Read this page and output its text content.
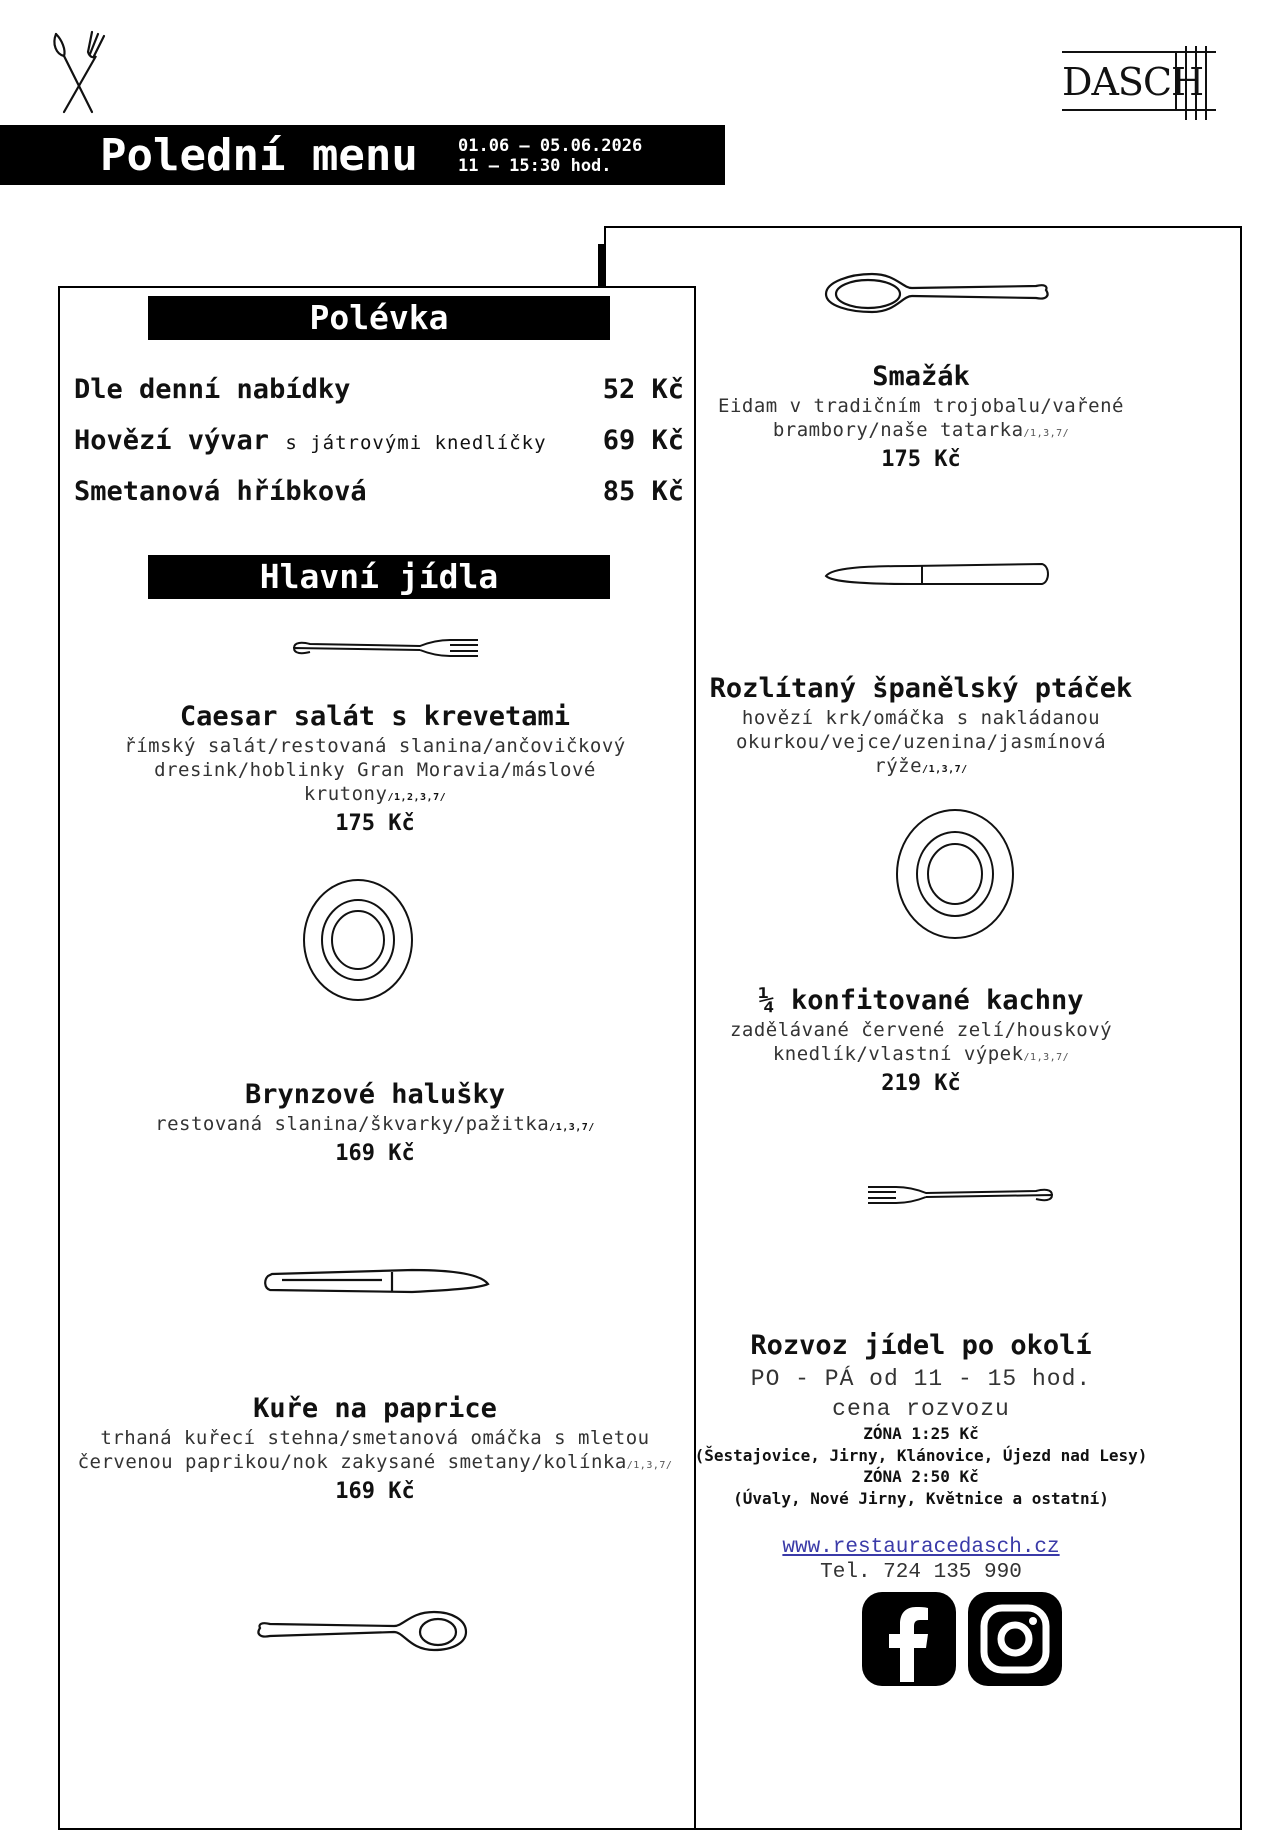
DASCH
Polední menu 01.06 – 05.06.2026
11 – 15:30 hod.
Polévka
Dle denní nabídky	52 Kč
Hovězí vývar s játrovými knedlíčky 69 Kč
Smetanová hříbková	85 Kč
Hlavní jídla
Caesar salát s krevetami
římský salát/restovaná slanina/ančovičkový dresink/hoblinky Gran Moravia/máslové krutony/1,2,3,7/
175 Kč
Brynzové halušky
restovaná slanina/škvarky/pažitka/1,3,7/
169 Kč
Kuře na paprice
trhaná kuřecí stehna/smetanová omáčka s mletou červenou paprikou/nok zakysané smetany/kolínka/1,3,7/
169 Kč
Smažák
Eidam v tradičním trojobalu/vařené brambory/naše tatarka/1,3,7/
175 Kč
Rozlítaný španělský ptáček
hovězí krk/omáčka s nakládanou okurkou/vejce/uzenina/jasmínová rýže/1,3,7/
¼ konfitované kachny
zadělávané červené zelí/houskový knedlík/vlastní výpek/1,3,7/
219 Kč
Rozvoz jídel po okolí
PO - PÁ od 11 - 15 hod.
cena rozvozu
ZÓNA 1:25 Kč
(Šestajovice, Jirny, Klánovice, Újezd nad Lesy)
ZÓNA 2:50 Kč
(Úvaly, Nové Jirny, Květnice a ostatní)
www.restauracedasch.cz
Tel. 724 135 990
